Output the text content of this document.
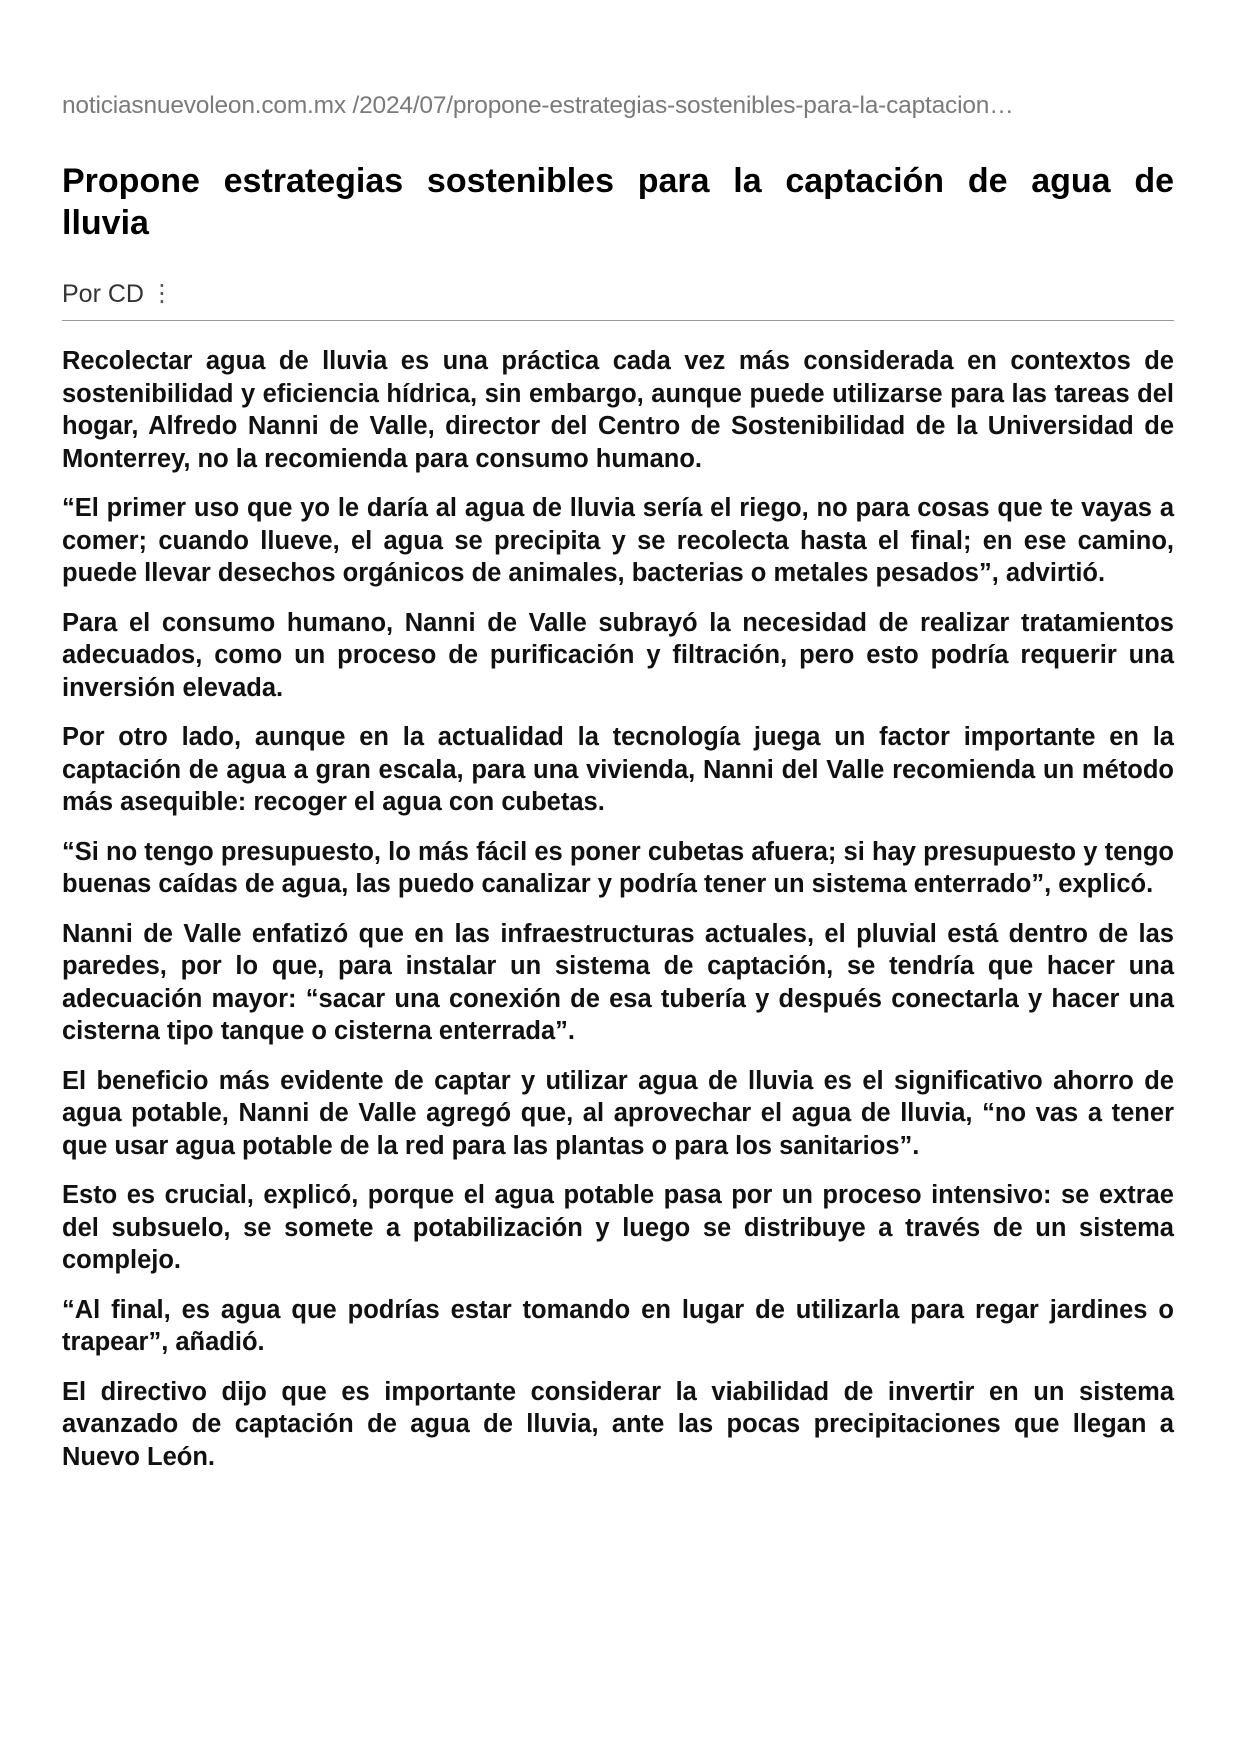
noticiasnuevoleon.com.mx /2024/07/propone-estrategias-sostenibles-para-la-captacion…
Propone estrategias sostenibles para la captación de agua de lluvia
Por CD ⋮

Recolectar agua de lluvia es una práctica cada vez más considerada en contextos de sostenibilidad y eficiencia hídrica, sin embargo, aunque puede utilizarse para las tareas del hogar, Alfredo Nanni de Valle, director del Centro de Sostenibilidad de la Universidad de Monterrey, no la recomienda para consumo humano.

“El primer uso que yo le daría al agua de lluvia sería el riego, no para cosas que te vayas a comer; cuando llueve, el agua se precipita y se recolecta hasta el final; en ese camino, puede llevar desechos orgánicos de animales, bacterias o metales pesados”, advirtió.

Para el consumo humano, Nanni de Valle subrayó la necesidad de realizar tratamientos adecuados, como un proceso de purificación y filtración, pero esto podría requerir una inversión elevada.

Por otro lado, aunque en la actualidad la tecnología juega un factor importante en la captación de agua a gran escala, para una vivienda, Nanni del Valle recomienda un método más asequible: recoger el agua con cubetas.

“Si no tengo presupuesto, lo más fácil es poner cubetas afuera; si hay presupuesto y tengo buenas caídas de agua, las puedo canalizar y podría tener un sistema enterrado”, explicó.

Nanni de Valle enfatizó que en las infraestructuras actuales, el pluvial está dentro de las paredes, por lo que, para instalar un sistema de captación, se tendría que hacer una adecuación mayor: “sacar una conexión de esa tubería y después conectarla y hacer una cisterna tipo tanque o cisterna enterrada”.

El beneficio más evidente de captar y utilizar agua de lluvia es el significativo ahorro de agua potable, Nanni de Valle agregó que, al aprovechar el agua de lluvia, “no vas a tener que usar agua potable de la red para las plantas o para los sanitarios”.

Esto es crucial, explicó, porque el agua potable pasa por un proceso intensivo: se extrae del subsuelo, se somete a potabilización y luego se distribuye a través de un sistema complejo.

“Al final, es agua que podrías estar tomando en lugar de utilizarla para regar jardines o trapear”, añadió.

El directivo dijo que es importante considerar la viabilidad de invertir en un sistema avanzado de captación de agua de lluvia, ante las pocas precipitaciones que llegan a Nuevo León.
